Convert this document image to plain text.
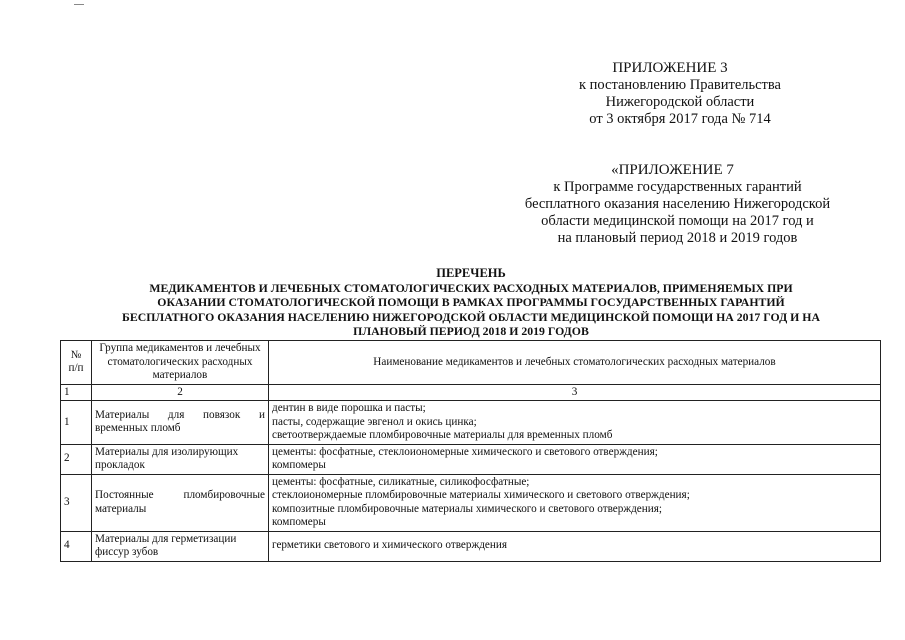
ПРИЛОЖЕНИЕ 3
к постановлению Правительства
Нижегородской области
от 3 октября 2017 года № 714
«ПРИЛОЖЕНИЕ 7
к Программе государственных гарантий
бесплатного оказания населению Нижегородской
области медицинской помощи на 2017 год и
на плановый период 2018 и 2019 годов
ПЕРЕЧЕНЬ
МЕДИКАМЕНТОВ И ЛЕЧЕБНЫХ СТОМАТОЛОГИЧЕСКИХ РАСХОДНЫХ МАТЕРИАЛОВ, ПРИМЕНЯЕМЫХ ПРИ
ОКАЗАНИИ СТОМАТОЛОГИЧЕСКОЙ ПОМОЩИ В РАМКАХ ПРОГРАММЫ ГОСУДАРСТВЕННЫХ ГАРАНТИЙ
БЕСПЛАТНОГО ОКАЗАНИЯ НАСЕЛЕНИЮ НИЖЕГОРОДСКОЙ ОБЛАСТИ МЕДИЦИНСКОЙ ПОМОЩИ НА 2017 ГОД И НА
ПЛАНОВЫЙ ПЕРИОД 2018 И 2019 ГОДОВ
№
п/п	Группа медикаментов и лечебных стоматологических расходных материалов	Наименование медикаментов и лечебных стоматологических расходных материалов
1	2	3
1	Материалы для повязок и временных пломб	дентин в виде порошка и пасты;
пасты, содержащие эвгенол и окись цинка;
светоотверждаемые пломбировочные материалы для временных пломб

2	Материалы для изолирующих прокладок	цементы: фосфатные, стеклоиономерные химического и светового отверждения;
компомеры

3	Постоянные пломбировочные материалы	цементы: фосфатные, силикатные, силикофосфатные;
стеклоиономерные пломбировочные материалы химического и светового отверждения;
композитные пломбировочные материалы химического и светового отверждения;
компомеры

4	Материалы для герметизации фиссур зубов	герметики светового и химического отверждения
